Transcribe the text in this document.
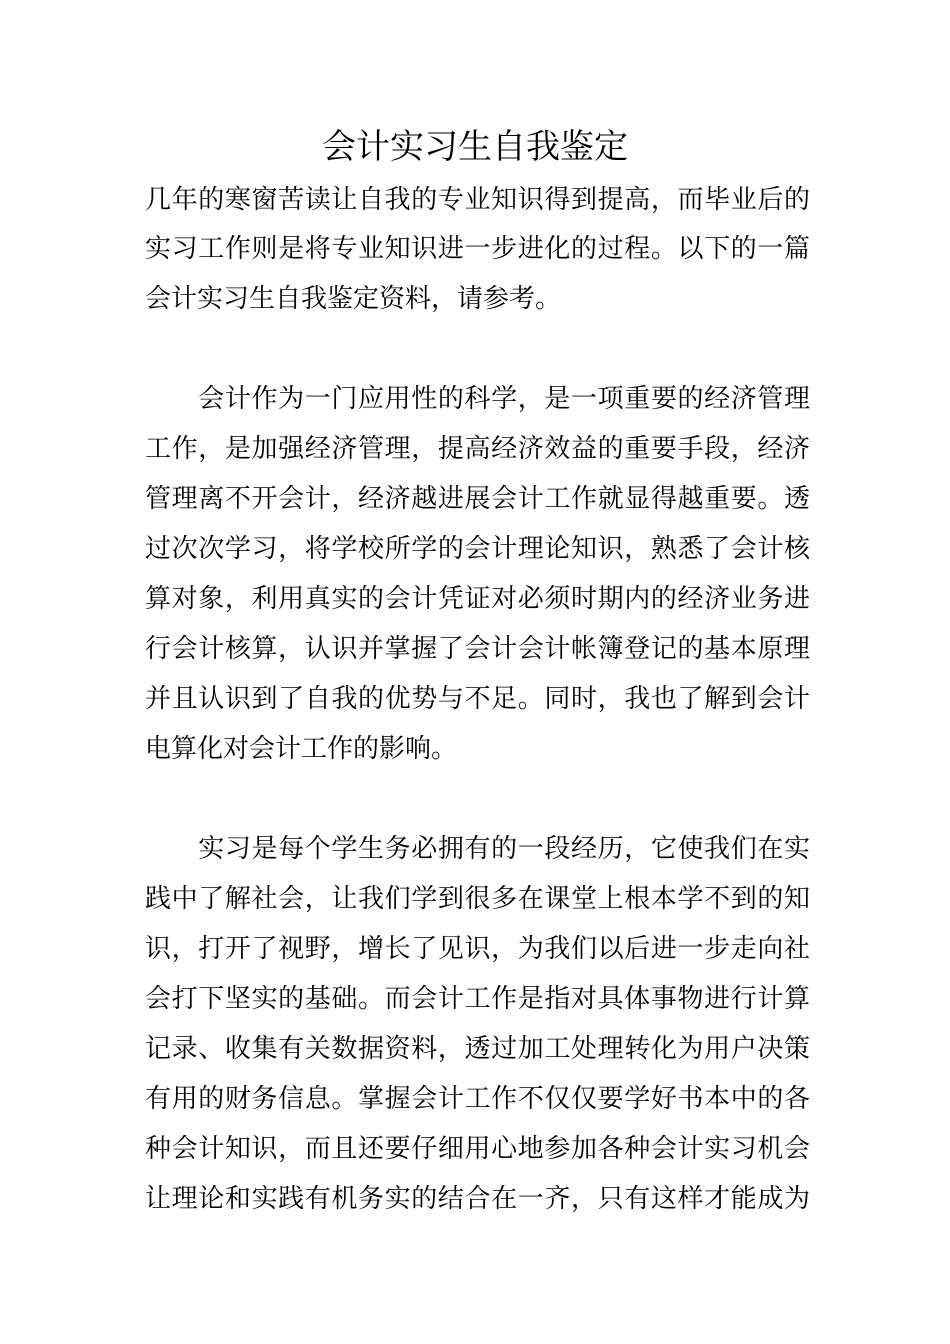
会计实习生自我鉴定
几年的寒窗苦读让自我的专业知识得到提高，而毕业后的
实习工作则是将专业知识进一步进化的过程。以下的一篇
会计实习生自我鉴定资料，请参考。
　　会计作为一门应用性的科学，是一项重要的经济管理
工作，是加强经济管理，提高经济效益的重要手段，经济
管理离不开会计，经济越进展会计工作就显得越重要。透
过次次学习，将学校所学的会计理论知识，熟悉了会计核
算对象，利用真实的会计凭证对必须时期内的经济业务进
行会计核算，认识并掌握了会计会计帐簿登记的基本原理
并且认识到了自我的优势与不足。同时，我也了解到会计
电算化对会计工作的影响。
　　实习是每个学生务必拥有的一段经历，它使我们在实
践中了解社会，让我们学到很多在课堂上根本学不到的知
识，打开了视野，增长了见识，为我们以后进一步走向社
会打下坚实的基础。而会计工作是指对具体事物进行计算
记录、收集有关数据资料，透过加工处理转化为用户决策
有用的财务信息。掌握会计工作不仅仅要学好书本中的各
种会计知识，而且还要仔细用心地参加各种会计实习机会
让理论和实践有机务实的结合在一齐，只有这样才能成为
